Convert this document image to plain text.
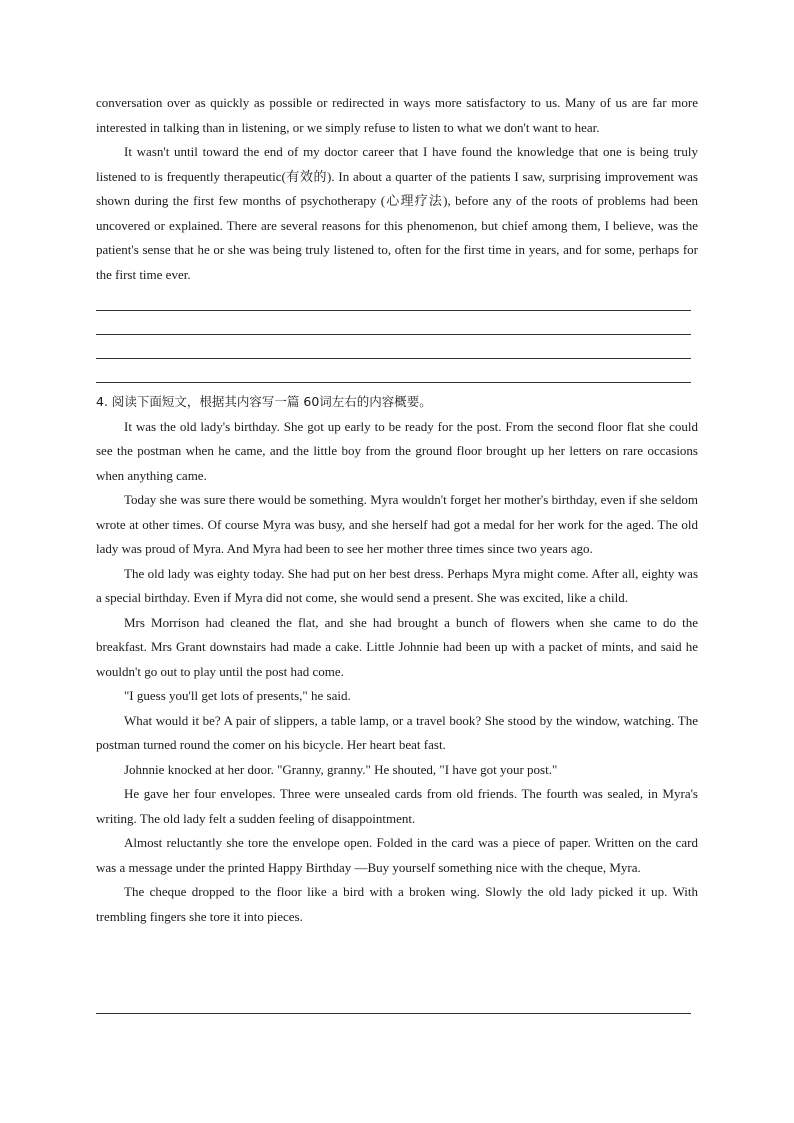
conversation over as quickly as possible or redirected in ways more satisfactory to us. Many of us are far more interested in talking than in listening, or we simply refuse to listen to what we don't want to hear.

It wasn't until toward the end of my doctor career that I have found the knowledge that one is being truly listened to is frequently therapeutic(有效的). In about a quarter of the patients I saw, surprising improvement was shown during the first few months of psychotherapy (心理疗法), before any of the roots of problems had been uncovered or explained. There are several reasons for this phenomenon, but chief among them, I believe, was the patient's sense that he or she was being truly listened to, often for the first time in years, and for some, perhaps for the first time ever.

4. 阅读下面短文，根据其内容写一篇 60词左右的内容概要。

It was the old lady's birthday. She got up early to be ready for the post. From the second floor flat she could see the postman when he came, and the little boy from the ground floor brought up her letters on rare occasions when anything came.

Today she was sure there would be something. Myra wouldn't forget her mother's birthday, even if she seldom wrote at other times. Of course Myra was busy, and she herself had got a medal for her work for the aged. The old lady was proud of Myra. And Myra had been to see her mother three times since two years ago.

The old lady was eighty today. She had put on her best dress. Perhaps Myra might come. After all, eighty was a special birthday. Even if Myra did not come, she would send a present. She was excited, like a child.

Mrs Morrison had cleaned the flat, and she had brought a bunch of flowers when she came to do the breakfast. Mrs Grant downstairs had made a cake. Little Johnnie had been up with a packet of mints, and said he wouldn't go out to play until the post had come.

"I guess you'll get lots of presents," he said.

What would it be? A pair of slippers, a table lamp, or a travel book? She stood by the window, watching. The postman turned round the comer on his bicycle. Her heart beat fast.

Johnnie knocked at her door. "Granny, granny." He shouted, "I have got your post."

He gave her four envelopes. Three were unsealed cards from old friends. The fourth was sealed, in Myra's writing. The old lady felt a sudden feeling of disappointment.

Almost reluctantly she tore the envelope open. Folded in the card was a piece of paper. Written on the card was a message under the printed Happy Birthday —Buy yourself something nice with the cheque, Myra.

The cheque dropped to the floor like a bird with a broken wing. Slowly the old lady picked it up. With trembling fingers she tore it into pieces.
